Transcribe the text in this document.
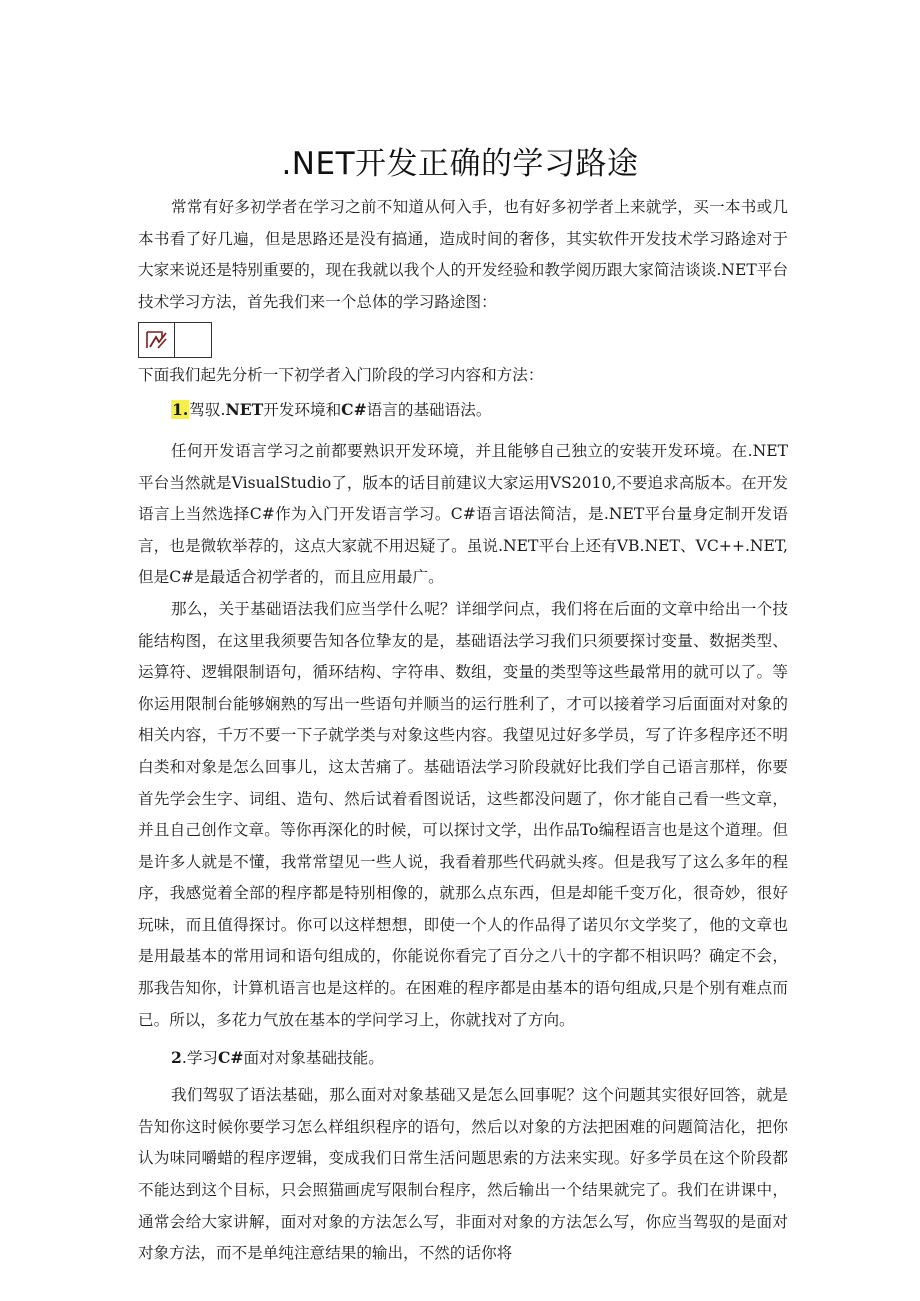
.NET开发正确的学习路途

常常有好多初学者在学习之前不知道从何入手，也有好多初学者上来就学，买一本书或几本书看了好几遍，但是思路还是没有搞通，造成时间的奢侈，其实软件开发技术学习路途对于大家来说还是特别重要的，现在我就以我个人的开发经验和教学阅历跟大家简洁谈谈.NET平台技术学习方法，首先我们来一个总体的学习路途图：

下面我们起先分析一下初学者入门阶段的学习内容和方法：

1.驾驭.NET开发环境和C#语言的基础语法。

任何开发语言学习之前都要熟识开发环境，并且能够自己独立的安装开发环境。在.NET平台当然就是VisualStudio了，版本的话目前建议大家运用VS2010,不要追求高版本。在开发语言上当然选择C#作为入门开发语言学习。C#语言语法简洁，是.NET平台量身定制开发语言，也是微软举荐的，这点大家就不用迟疑了。虽说.NET平台上还有VB.NET、VC++.NET,但是C#是最适合初学者的，而且应用最广。

那么，关于基础语法我们应当学什么呢？详细学问点，我们将在后面的文章中给出一个技能结构图，在这里我须要告知各位挚友的是，基础语法学习我们只须要探讨变量、数据类型、运算符、逻辑限制语句，循环结构、字符串、数组，变量的类型等这些最常用的就可以了。等你运用限制台能够娴熟的写出一些语句并顺当的运行胜利了，才可以接着学习后面面对对象的相关内容，千万不要一下子就学类与对象这些内容。我望见过好多学员，写了许多程序还不明白类和对象是怎么回事儿，这太苦痛了。基础语法学习阶段就好比我们学自己语言那样，你要首先学会生字、词组、造句、然后试着看图说话，这些都没问题了，你才能自己看一些文章，并且自己创作文章。等你再深化的时候，可以探讨文学，出作品To编程语言也是这个道理。但是许多人就是不懂，我常常望见一些人说，我看着那些代码就头疼。但是我写了这么多年的程序，我感觉着全部的程序都是特别相像的，就那么点东西，但是却能千变万化，很奇妙，很好玩味，而且值得探讨。你可以这样想想，即使一个人的作品得了诺贝尔文学奖了，他的文章也是用最基本的常用词和语句组成的，你能说你看完了百分之八十的字都不相识吗？确定不会，那我告知你，计算机语言也是这样的。在困难的程序都是由基本的语句组成,只是个别有难点而已。所以，多花力气放在基本的学问学习上，你就找对了方向。

2.学习C#面对对象基础技能。

我们驾驭了语法基础，那么面对对象基础又是怎么回事呢？这个问题其实很好回答，就是告知你这时候你要学习怎么样组织程序的语句，然后以对象的方法把困难的问题简洁化，把你认为味同嚼蜡的程序逻辑，变成我们日常生活问题思索的方法来实现。好多学员在这个阶段都不能达到这个目标，只会照猫画虎写限制台程序，然后输出一个结果就完了。我们在讲课中，通常会给大家讲解，面对对象的方法怎么写，非面对对象的方法怎么写，你应当驾驭的是面对对象方法，而不是单纯注意结果的输出，不然的话你将
